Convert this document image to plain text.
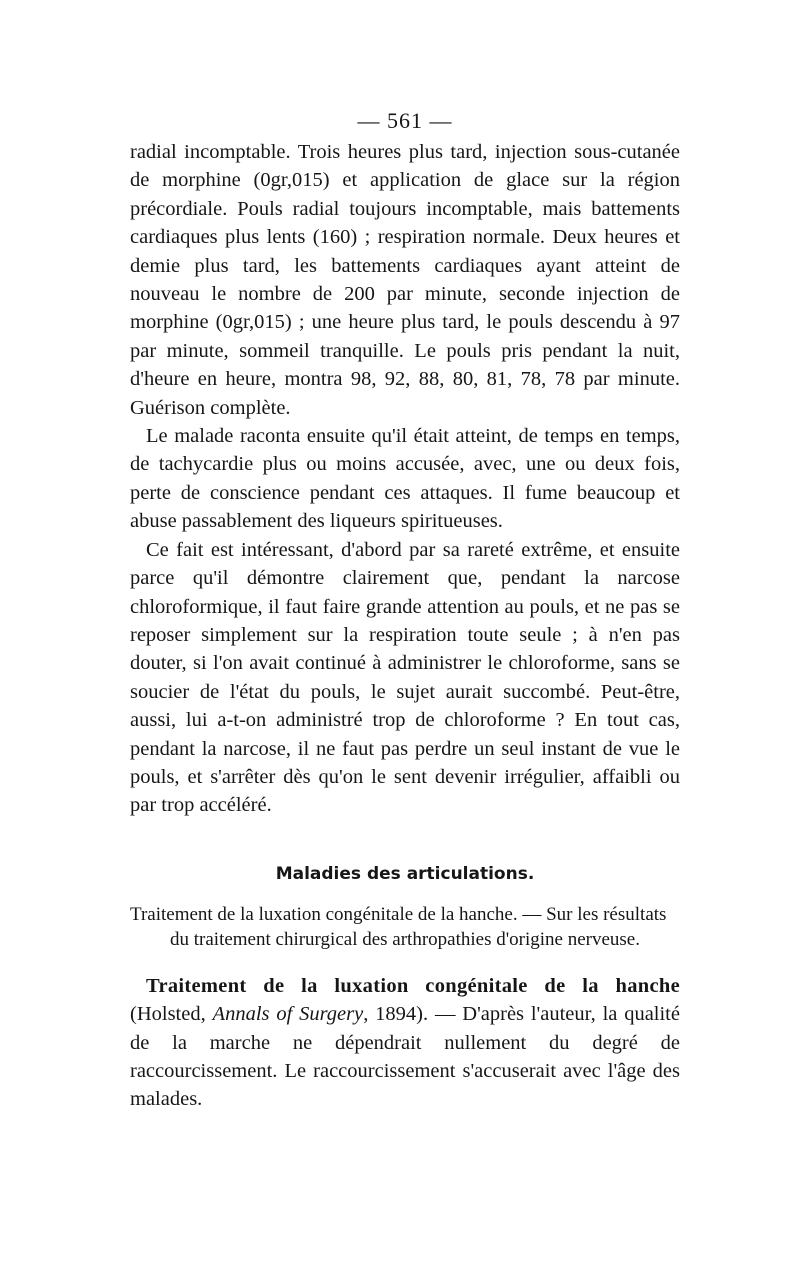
— 561 —

radial incomptable. Trois heures plus tard, injection sous-cutanée de morphine (0gr,015) et application de glace sur la région précordiale. Pouls radial toujours incomptable, mais battements cardiaques plus lents (160) ; respiration normale. Deux heures et demie plus tard, les battements cardiaques ayant atteint de nouveau le nombre de 200 par minute, seconde injection de morphine (0gr,015) ; une heure plus tard, le pouls descendu à 97 par minute, sommeil tranquille. Le pouls pris pendant la nuit, d'heure en heure, montra 98, 92, 88, 80, 81, 78, 78 par minute. Guérison complète.

Le malade raconta ensuite qu'il était atteint, de temps en temps, de tachycardie plus ou moins accusée, avec, une ou deux fois, perte de conscience pendant ces attaques. Il fume beaucoup et abuse passablement des liqueurs spiritueuses.

Ce fait est intéressant, d'abord par sa rareté extrême, et ensuite parce qu'il démontre clairement que, pendant la narcose chloroformique, il faut faire grande attention au pouls, et ne pas se reposer simplement sur la respiration toute seule ; à n'en pas douter, si l'on avait continué à administrer le chloroforme, sans se soucier de l'état du pouls, le sujet aurait succombé. Peut-être, aussi, lui a-t-on administré trop de chloroforme ? En tout cas, pendant la narcose, il ne faut pas perdre un seul instant de vue le pouls, et s'arrêter dès qu'on le sent devenir irrégulier, affaibli ou par trop accéléré.

Maladies des articulations.
Traitement de la luxation congénitale de la hanche. — Sur les résultats
du traitement chirurgical des arthropathies d'origine nerveuse.

Traitement de la luxation congénitale de la hanche (Holsted, Annals of Surgery, 1894). — D'après l'auteur, la qualité de la marche ne dépendrait nullement du degré de raccourcissement. Le raccourcissement s'accuserait avec l'âge des malades.
